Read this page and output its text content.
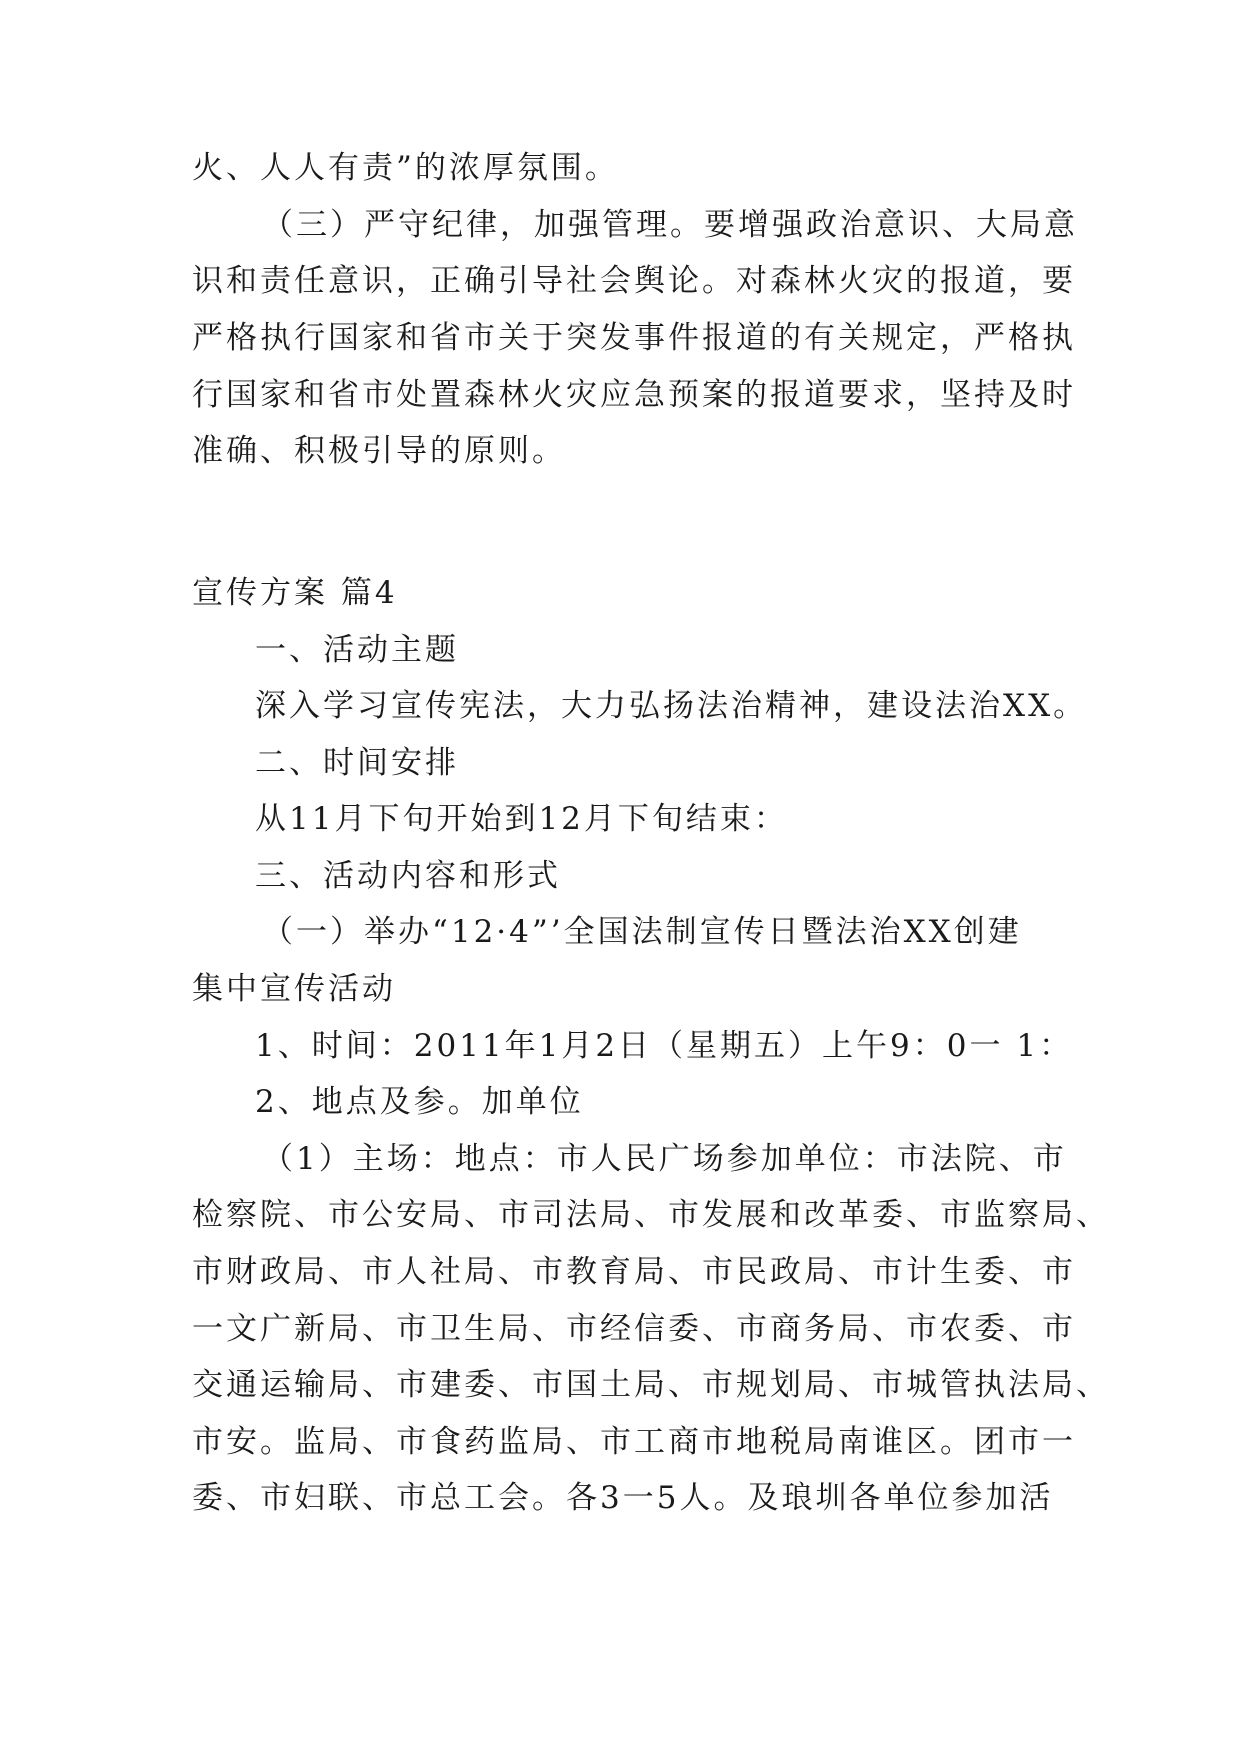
火、人人有责”的浓厚氛围。
（三）严守纪律，加强管理。要增强政治意识、大局意
识和责任意识，正确引导社会舆论。对森林火灾的报道，要
严格执行国家和省市关于突发事件报道的有关规定，严格执
行国家和省市处置森林火灾应急预案的报道要求，坚持及时
准确、积极引导的原则。
宣传方案 篇4
一、活动主题
深入学习宣传宪法，大力弘扬法治精神，建设法治XX。
二、时间安排
从11月下句开始到12月下旬结束：
三、活动内容和形式
（一）举办“12·4”’全国法制宣传日暨法治XX创建
集中宣传活动
1、时间：2011年1月2日（星期五）上午9：0一 1：
2、地点及参。加单位
（1）主场：地点：市人民广场参加单位：市法院、市
检察院、市公安局、市司法局、市发展和改革委、市监察局、
市财政局、市人社局、市教育局、市民政局、市计生委、市
一文广新局、市卫生局、市经信委、市商务局、市农委、市
交通运输局、市建委、市国土局、市规划局、市城管执法局、
市安。监局、市食药监局、市工商市地税局南谁区。团市一
委、市妇联、市总工会。各3一5人。及琅圳各单位参加活
